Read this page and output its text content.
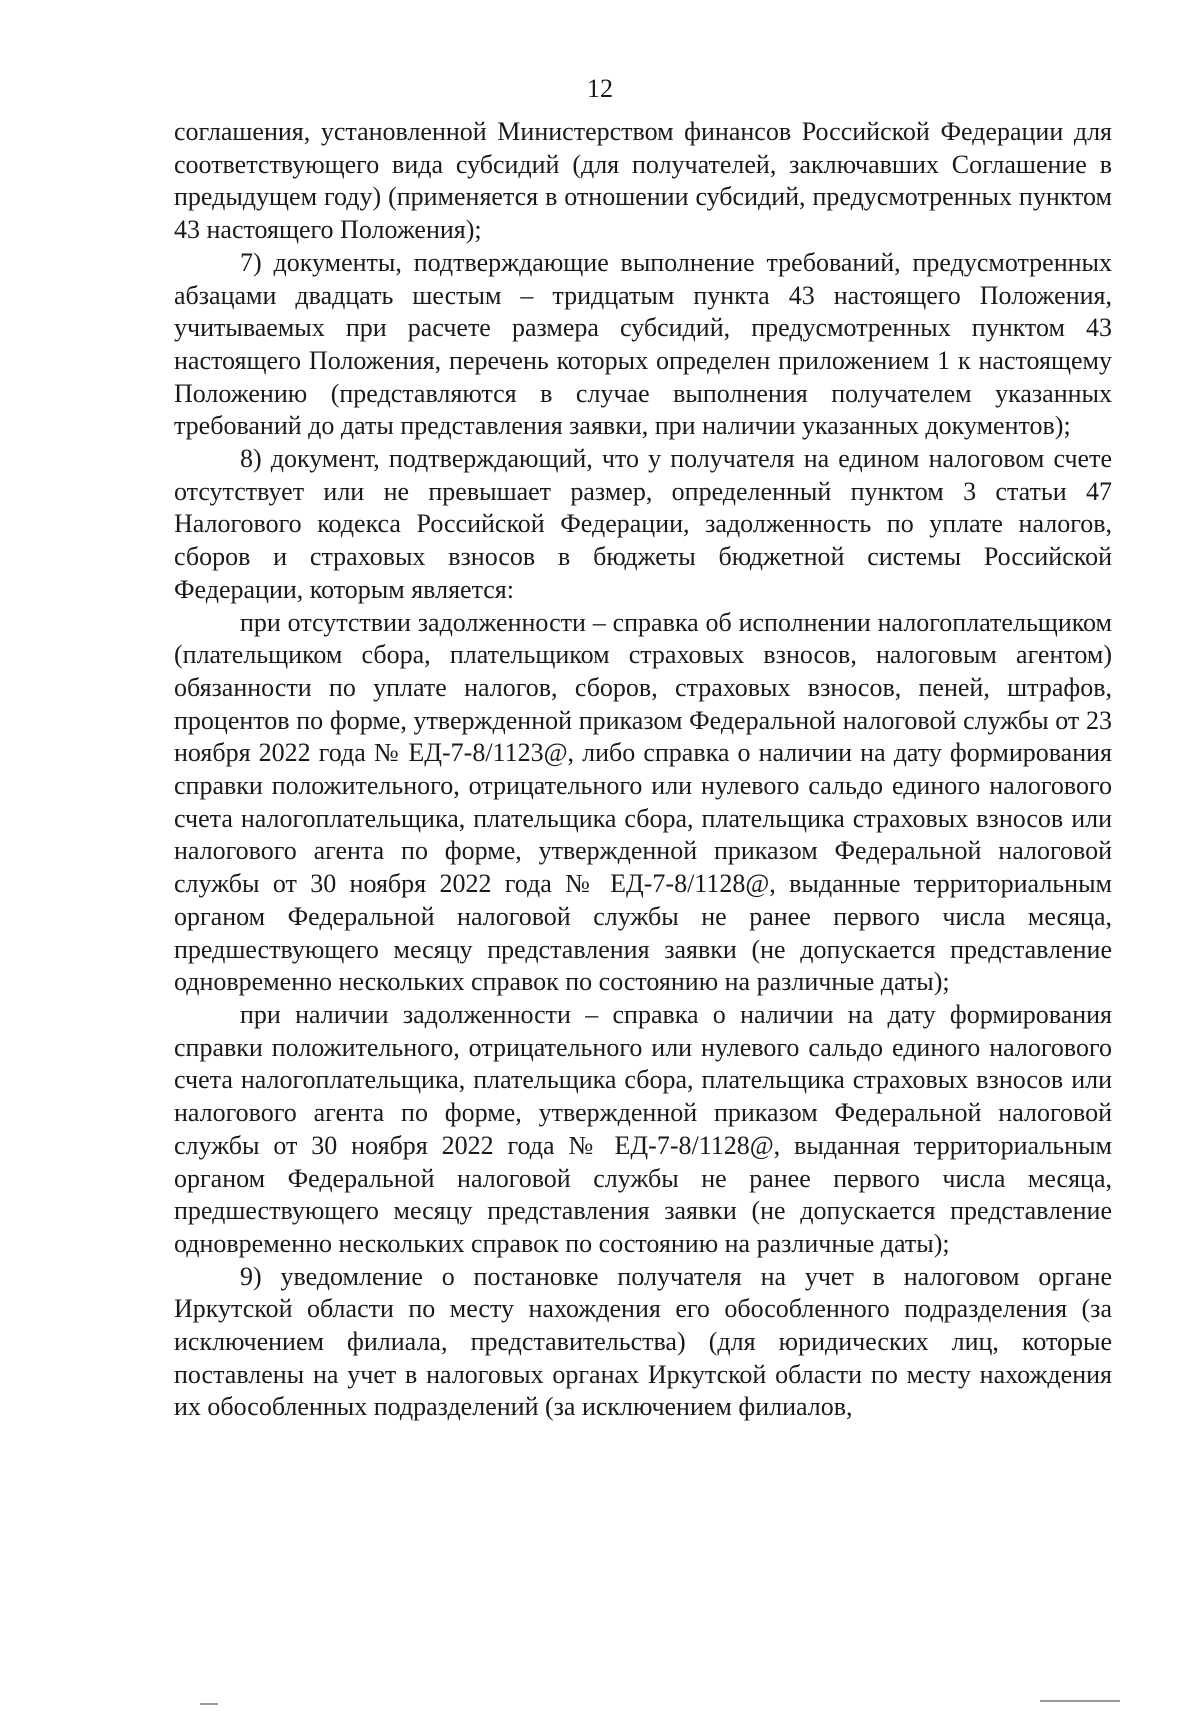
12

соглашения, установленной Министерством финансов Российской Федерации для соответствующего вида субсидий (для получателей, заключавших Соглашение в предыдущем году) (применяется в отношении субсидий, предусмотренных пунктом 43 настоящего Положения);

7) документы, подтверждающие выполнение требований, предусмотренных абзацами двадцать шестым – тридцатым пункта 43 настоящего Положения, учитываемых при расчете размера субсидий, предусмотренных пунктом 43 настоящего Положения, перечень которых определен приложением 1 к настоящему Положению (представляются в случае выполнения получателем указанных требований до даты представления заявки, при наличии указанных документов);

8) документ, подтверждающий, что у получателя на едином налоговом счете отсутствует или не превышает размер, определенный пунктом 3 статьи 47 Налогового кодекса Российской Федерации, задолженность по уплате налогов, сборов и страховых взносов в бюджеты бюджетной системы Российской Федерации, которым является:

при отсутствии задолженности – справка об исполнении налогоплательщиком (плательщиком сбора, плательщиком страховых взносов, налоговым агентом) обязанности по уплате налогов, сборов, страховых взносов, пеней, штрафов, процентов по форме, утвержденной приказом Федеральной налоговой службы от 23 ноября 2022 года № ЕД-7-8/1123@, либо справка о наличии на дату формирования справки положительного, отрицательного или нулевого сальдо единого налогового счета налогоплательщика, плательщика сбора, плательщика страховых взносов или налогового агента по форме, утвержденной приказом Федеральной налоговой службы от 30 ноября 2022 года № ЕД-7-8/1128@, выданные территориальным органом Федеральной налоговой службы не ранее первого числа месяца, предшествующего месяцу представления заявки (не допускается представление одновременно нескольких справок по состоянию на различные даты);

при наличии задолженности – справка о наличии на дату формирования справки положительного, отрицательного или нулевого сальдо единого налогового счета налогоплательщика, плательщика сбора, плательщика страховых взносов или налогового агента по форме, утвержденной приказом Федеральной налоговой службы от 30 ноября 2022 года № ЕД-7-8/1128@, выданная территориальным органом Федеральной налоговой службы не ранее первого числа месяца, предшествующего месяцу представления заявки (не допускается представление одновременно нескольких справок по состоянию на различные даты);

9) уведомление о постановке получателя на учет в налоговом органе Иркутской области по месту нахождения его обособленного подразделения (за исключением филиала, представительства) (для юридических лиц, которые поставлены на учет в налоговых органах Иркутской области по месту нахождения их обособленных подразделений (за исключением филиалов,
